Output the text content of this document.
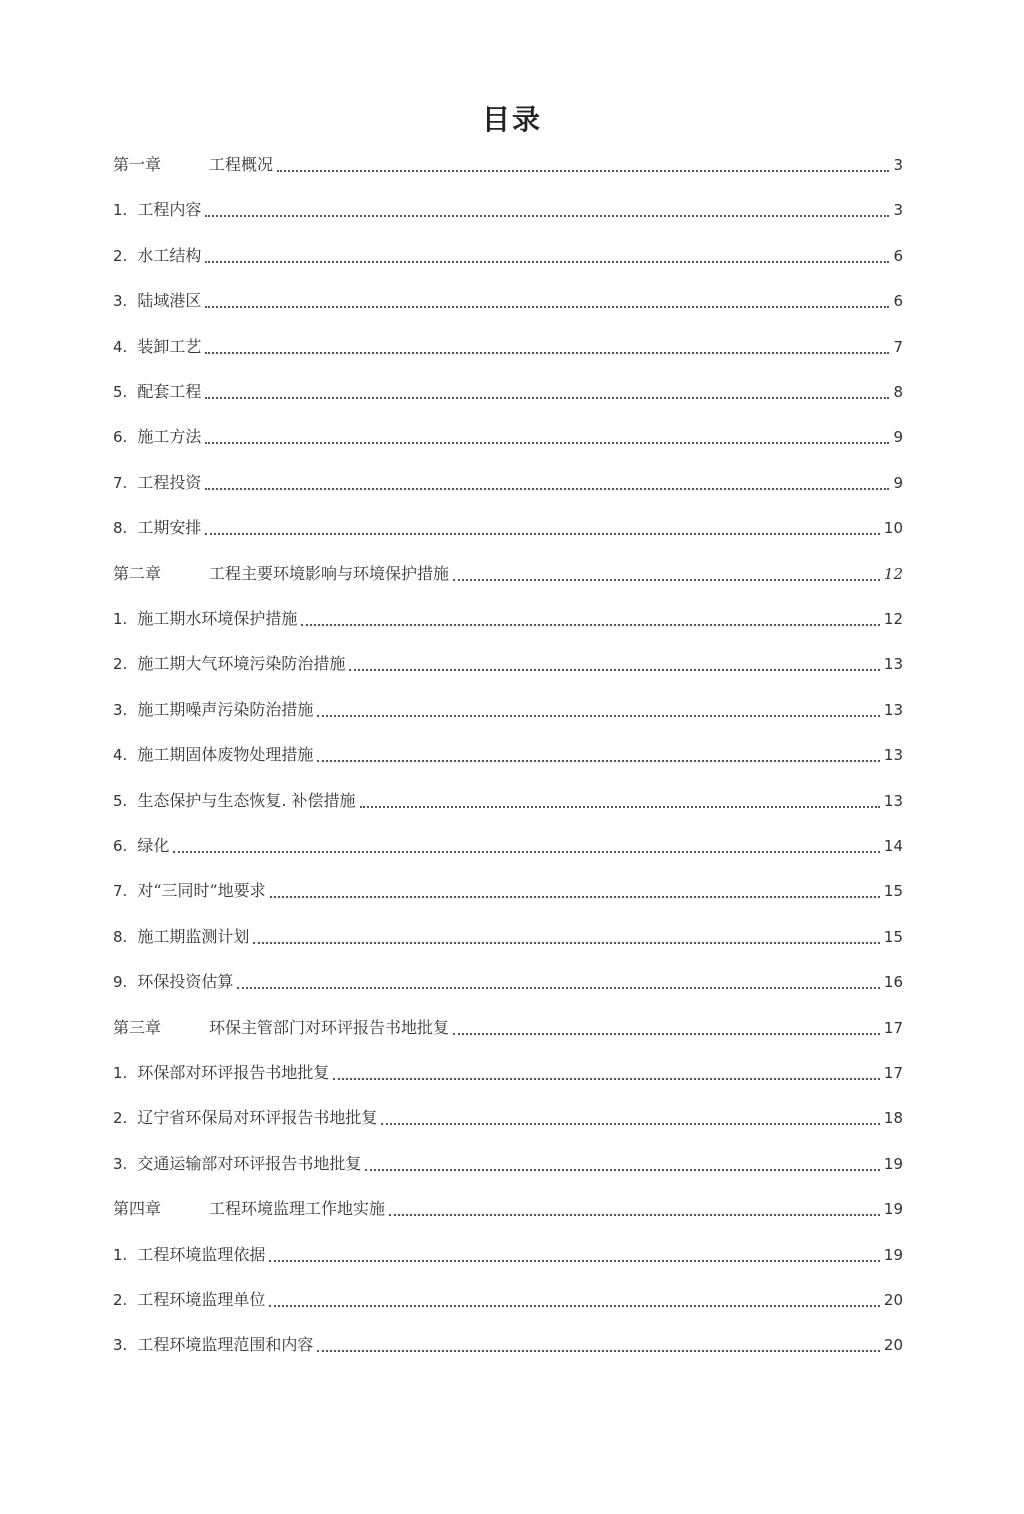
目录
第一章	工程概况	3
1. 工程内容	3
2. 水工结构	6
3. 陆域港区	6
4. 装卸工艺	7
5. 配套工程	8
6. 施工方法	9
7. 工程投资	9
8. 工期安排	10
第二章	工程主要环境影响与环境保护措施	12
1. 施工期水环境保护措施	12
2. 施工期大气环境污染防治措施	13
3. 施工期噪声污染防治措施	13
4. 施工期固体废物处理措施	13
5. 生态保护与生态恢复. 补偿措施	13
6. 绿化	14
7. 对“三同时”地要求	15
8. 施工期监测计划	15
9. 环保投资估算	16
第三章	环保主管部门对环评报告书地批复	17
1. 环保部对环评报告书地批复	17
2. 辽宁省环保局对环评报告书地批复	18
3. 交通运输部对环评报告书地批复	19
第四章	工程环境监理工作地实施	19
1. 工程环境监理依据	19
2. 工程环境监理单位	20
3. 工程环境监理范围和内容	20
